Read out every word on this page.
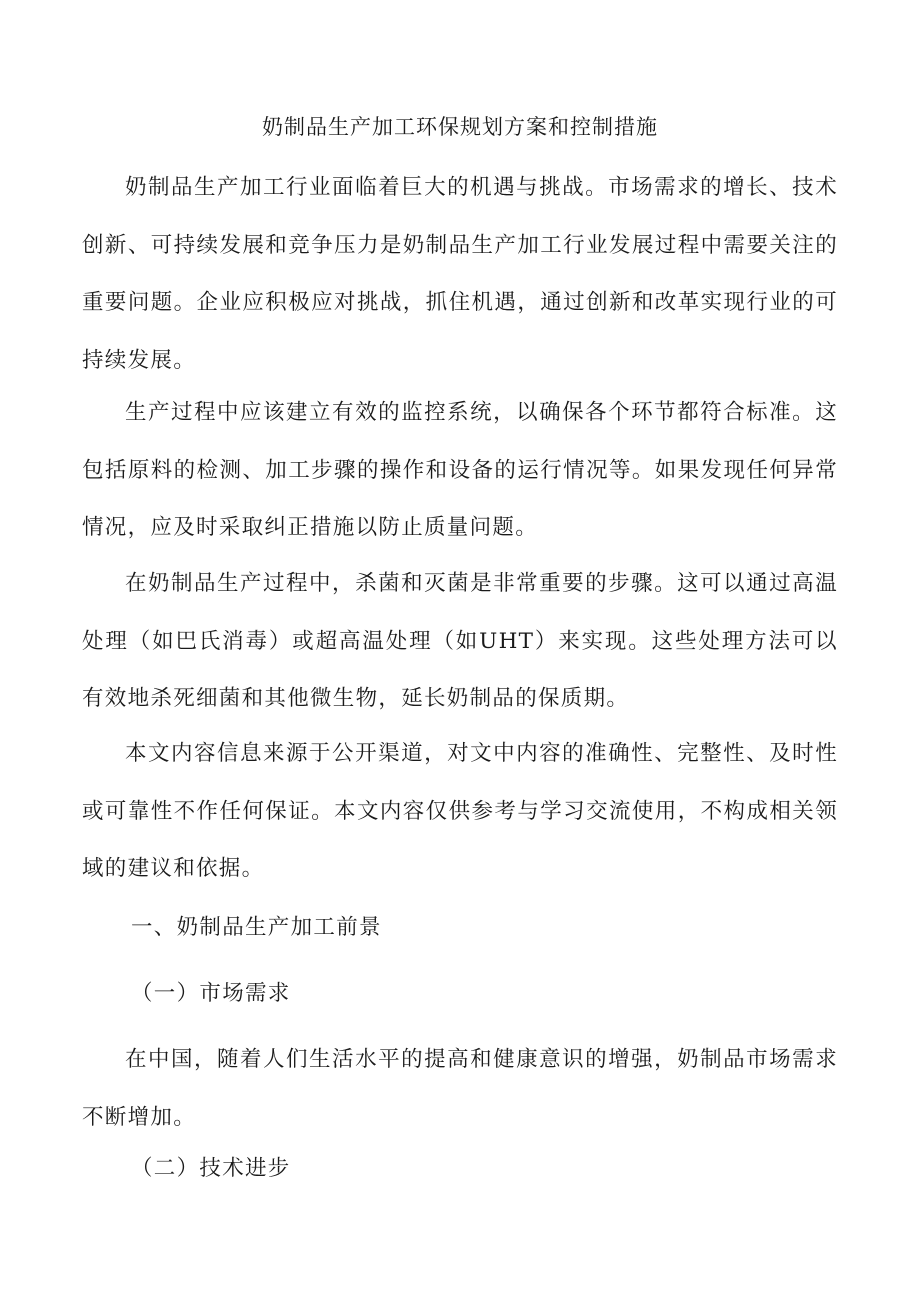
奶制品生产加工环保规划方案和控制措施

奶制品生产加工行业面临着巨大的机遇与挑战。市场需求的增长、技术创新、可持续发展和竞争压力是奶制品生产加工行业发展过程中需要关注的重要问题。企业应积极应对挑战，抓住机遇，通过创新和改革实现行业的可持续发展。

生产过程中应该建立有效的监控系统，以确保各个环节都符合标准。这包括原料的检测、加工步骤的操作和设备的运行情况等。如果发现任何异常情况，应及时采取纠正措施以防止质量问题。

在奶制品生产过程中，杀菌和灭菌是非常重要的步骤。这可以通过高温处理（如巴氏消毒）或超高温处理（如UHT）来实现。这些处理方法可以有效地杀死细菌和其他微生物，延长奶制品的保质期。

本文内容信息来源于公开渠道，对文中内容的准确性、完整性、及时性或可靠性不作任何保证。本文内容仅供参考与学习交流使用，不构成相关领域的建议和依据。

一、奶制品生产加工前景
（一）市场需求

在中国，随着人们生活水平的提高和健康意识的增强，奶制品市场需求不断增加。

（二）技术进步
